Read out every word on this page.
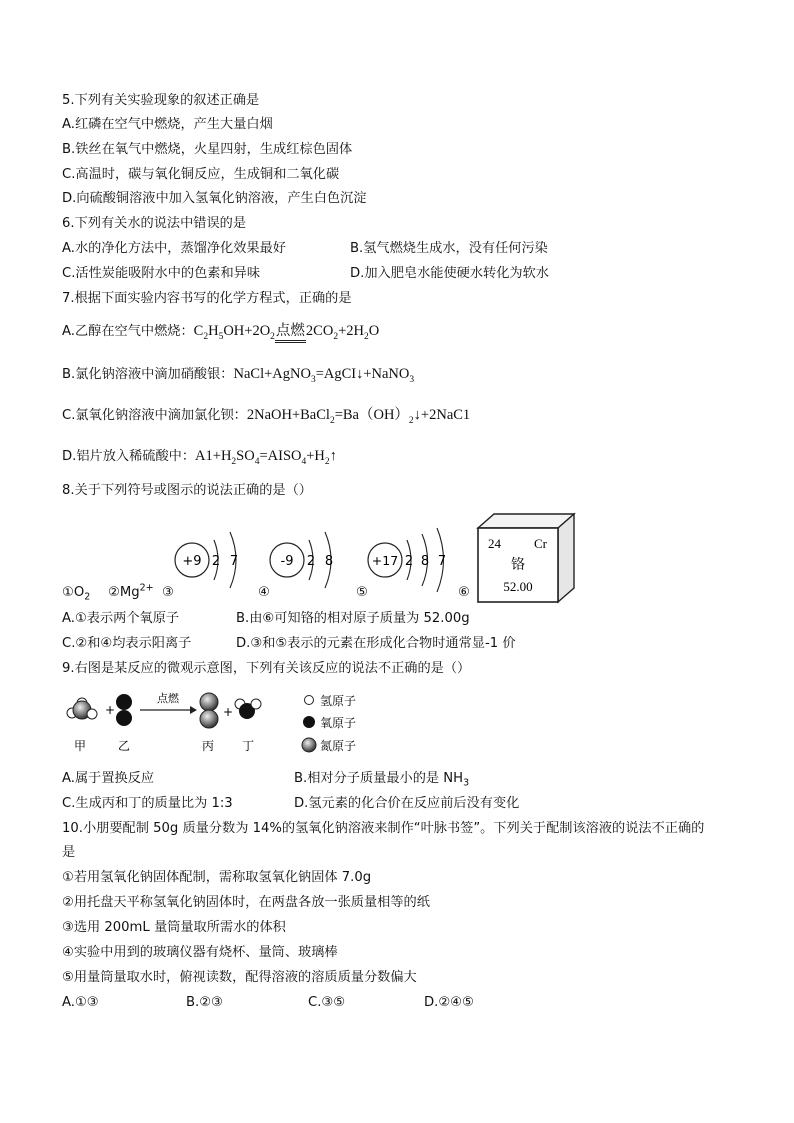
5.下列有关实验现象的叙述正确是
A.红磷在空气中燃烧，产生大量白烟
B.铁丝在氧气中燃烧，火星四射，生成红棕色固体
C.高温时，碳与氧化铜反应，生成铜和二氧化碳
D.向硫酸铜溶液中加入氢氧化钠溶液，产生白色沉淀
6.下列有关水的说法中错误的是
A.水的净化方法中，蒸馏净化效果最好	B.氢气燃烧生成水，没有任何污染
C.活性炭能吸附水中的色素和异味	D.加入肥皂水能使硬水转化为软水
7.根据下面实验内容书写的化学方程式，正确的是
A.乙醇在空气中燃烧：$C_2H_5OH+2O_2$点燃$2CO_2+2H_2O$
B.氯化钠溶液中滴加硝酸银：NaCl+AgNO$_3$=AgCI↓+NaNO$_3$
C.氯氧化钠溶液中滴加氯化钡：$2NaOH+BaCl_2=Ba(OH)_2↓+2NaC1$
D.铝片放入稀硫酸中：$A1+H_2SO_4=AISO_4+H_2↑$
8.关于下列符号或图示的说法正确的是（）
+9 2 7	-9 2 8	+17 2 8 7
24	Cr
铬
52.00
$①O_2$ $②Mg^{2+}$ ③	④	⑤	⑥
A.①表示两个氧原子	B.由⑥可知铬的相对原子质量为 52.00g
C.②和④均表示阳离子	D.③和⑤表示的元素在形成化合物时通常显-1 价
9.右图是某反应的微观示意图，下列有关该反应的说法不正确的是（）
+
点燃
+
甲	乙	丙 丁
氢原子
氧原子
氮原子
A.属于置换反应	B.相对分子质量最小的是 $NH_3$
C.生成丙和丁的质量比为 1:3	D.氢元素的化合价在反应前后没有变化
10.小朋要配制 50g 质量分数为 14%的氢氧化钠溶液来制作“叶脉书签”。下列关于配制该溶液的说法不正确的
是
①若用氢氧化钠固体配制，需称取氢氧化钠固体 7.0g
②用托盘天平称氢氧化钠固体时，在两盘各放一张质量相等的纸
③选用 200mL 量筒量取所需水的体积
④实验中用到的玻璃仪器有烧杯、量筒、玻璃棒
⑤用量筒量取水时，俯视读数，配得溶液的溶质质量分数偏大
A.①③	B.②③	C.③⑤	D.②④⑤
